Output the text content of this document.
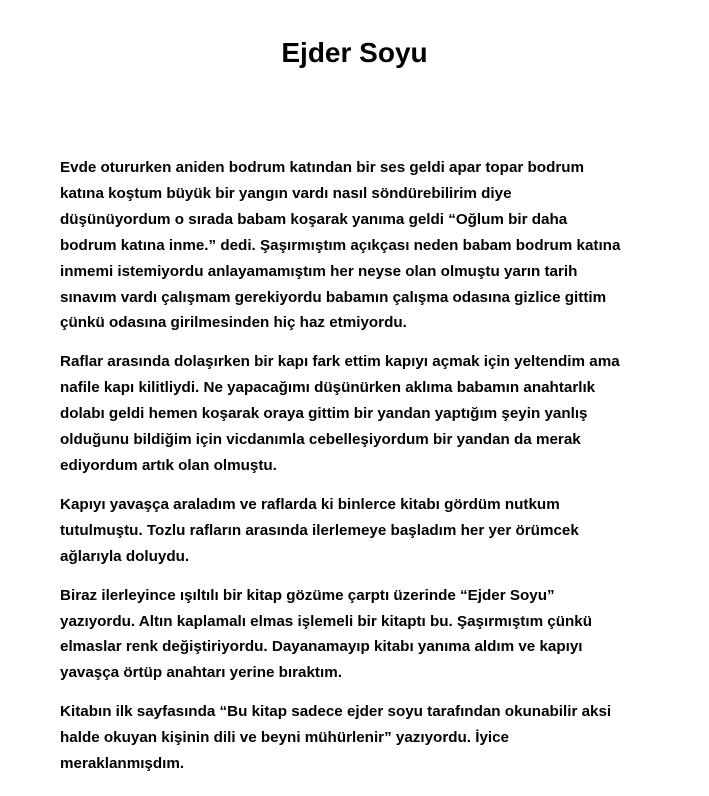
Ejder Soyu

Evde otururken aniden bodrum katından bir ses geldi apar topar bodrum
katına koştum büyük bir yangın vardı nasıl söndürebilirim diye
düşünüyordum o sırada babam koşarak yanıma geldi “Oğlum bir daha
bodrum katına inme.” dedi. Şaşırmıştım açıkçası neden babam bodrum katına
inmemi istemiyordu anlayamamıştım her neyse olan olmuştu yarın tarih
sınavım vardı çalışmam gerekiyordu babamın çalışma odasına gizlice gittim
çünkü odasına girilmesinden hiç haz etmiyordu.

Raflar arasında dolaşırken bir kapı fark ettim kapıyı açmak için yeltendim ama
nafile kapı kilitliydi. Ne yapacağımı düşünürken aklıma babamın anahtarlık
dolabı geldi hemen koşarak oraya gittim bir yandan yaptığım şeyin yanlış
olduğunu bildiğim için vicdanımla cebelleşiyordum bir yandan da merak
ediyordum artık olan olmuştu.

Kapıyı yavaşça araladım ve raflarda ki binlerce kitabı gördüm nutkum
tutulmuştu. Tozlu rafların arasında ilerlemeye başladım her yer örümcek
ağlarıyla doluydu.

Biraz ilerleyince ışıltılı bir kitap gözüme çarptı üzerinde “Ejder Soyu”
yazıyordu. Altın kaplamalı elmas işlemeli bir kitaptı bu. Şaşırmıştım çünkü
elmaslar renk değiştiriyordu. Dayanamayıp kitabı yanıma aldım ve kapıyı
yavaşça örtüp anahtarı yerine bıraktım.

Kitabın ilk sayfasında “Bu kitap sadece ejder soyu tarafından okunabilir aksi
halde okuyan kişinin dili ve beyni mühürlenir” yazıyordu. İyice
meraklanmışdım.
